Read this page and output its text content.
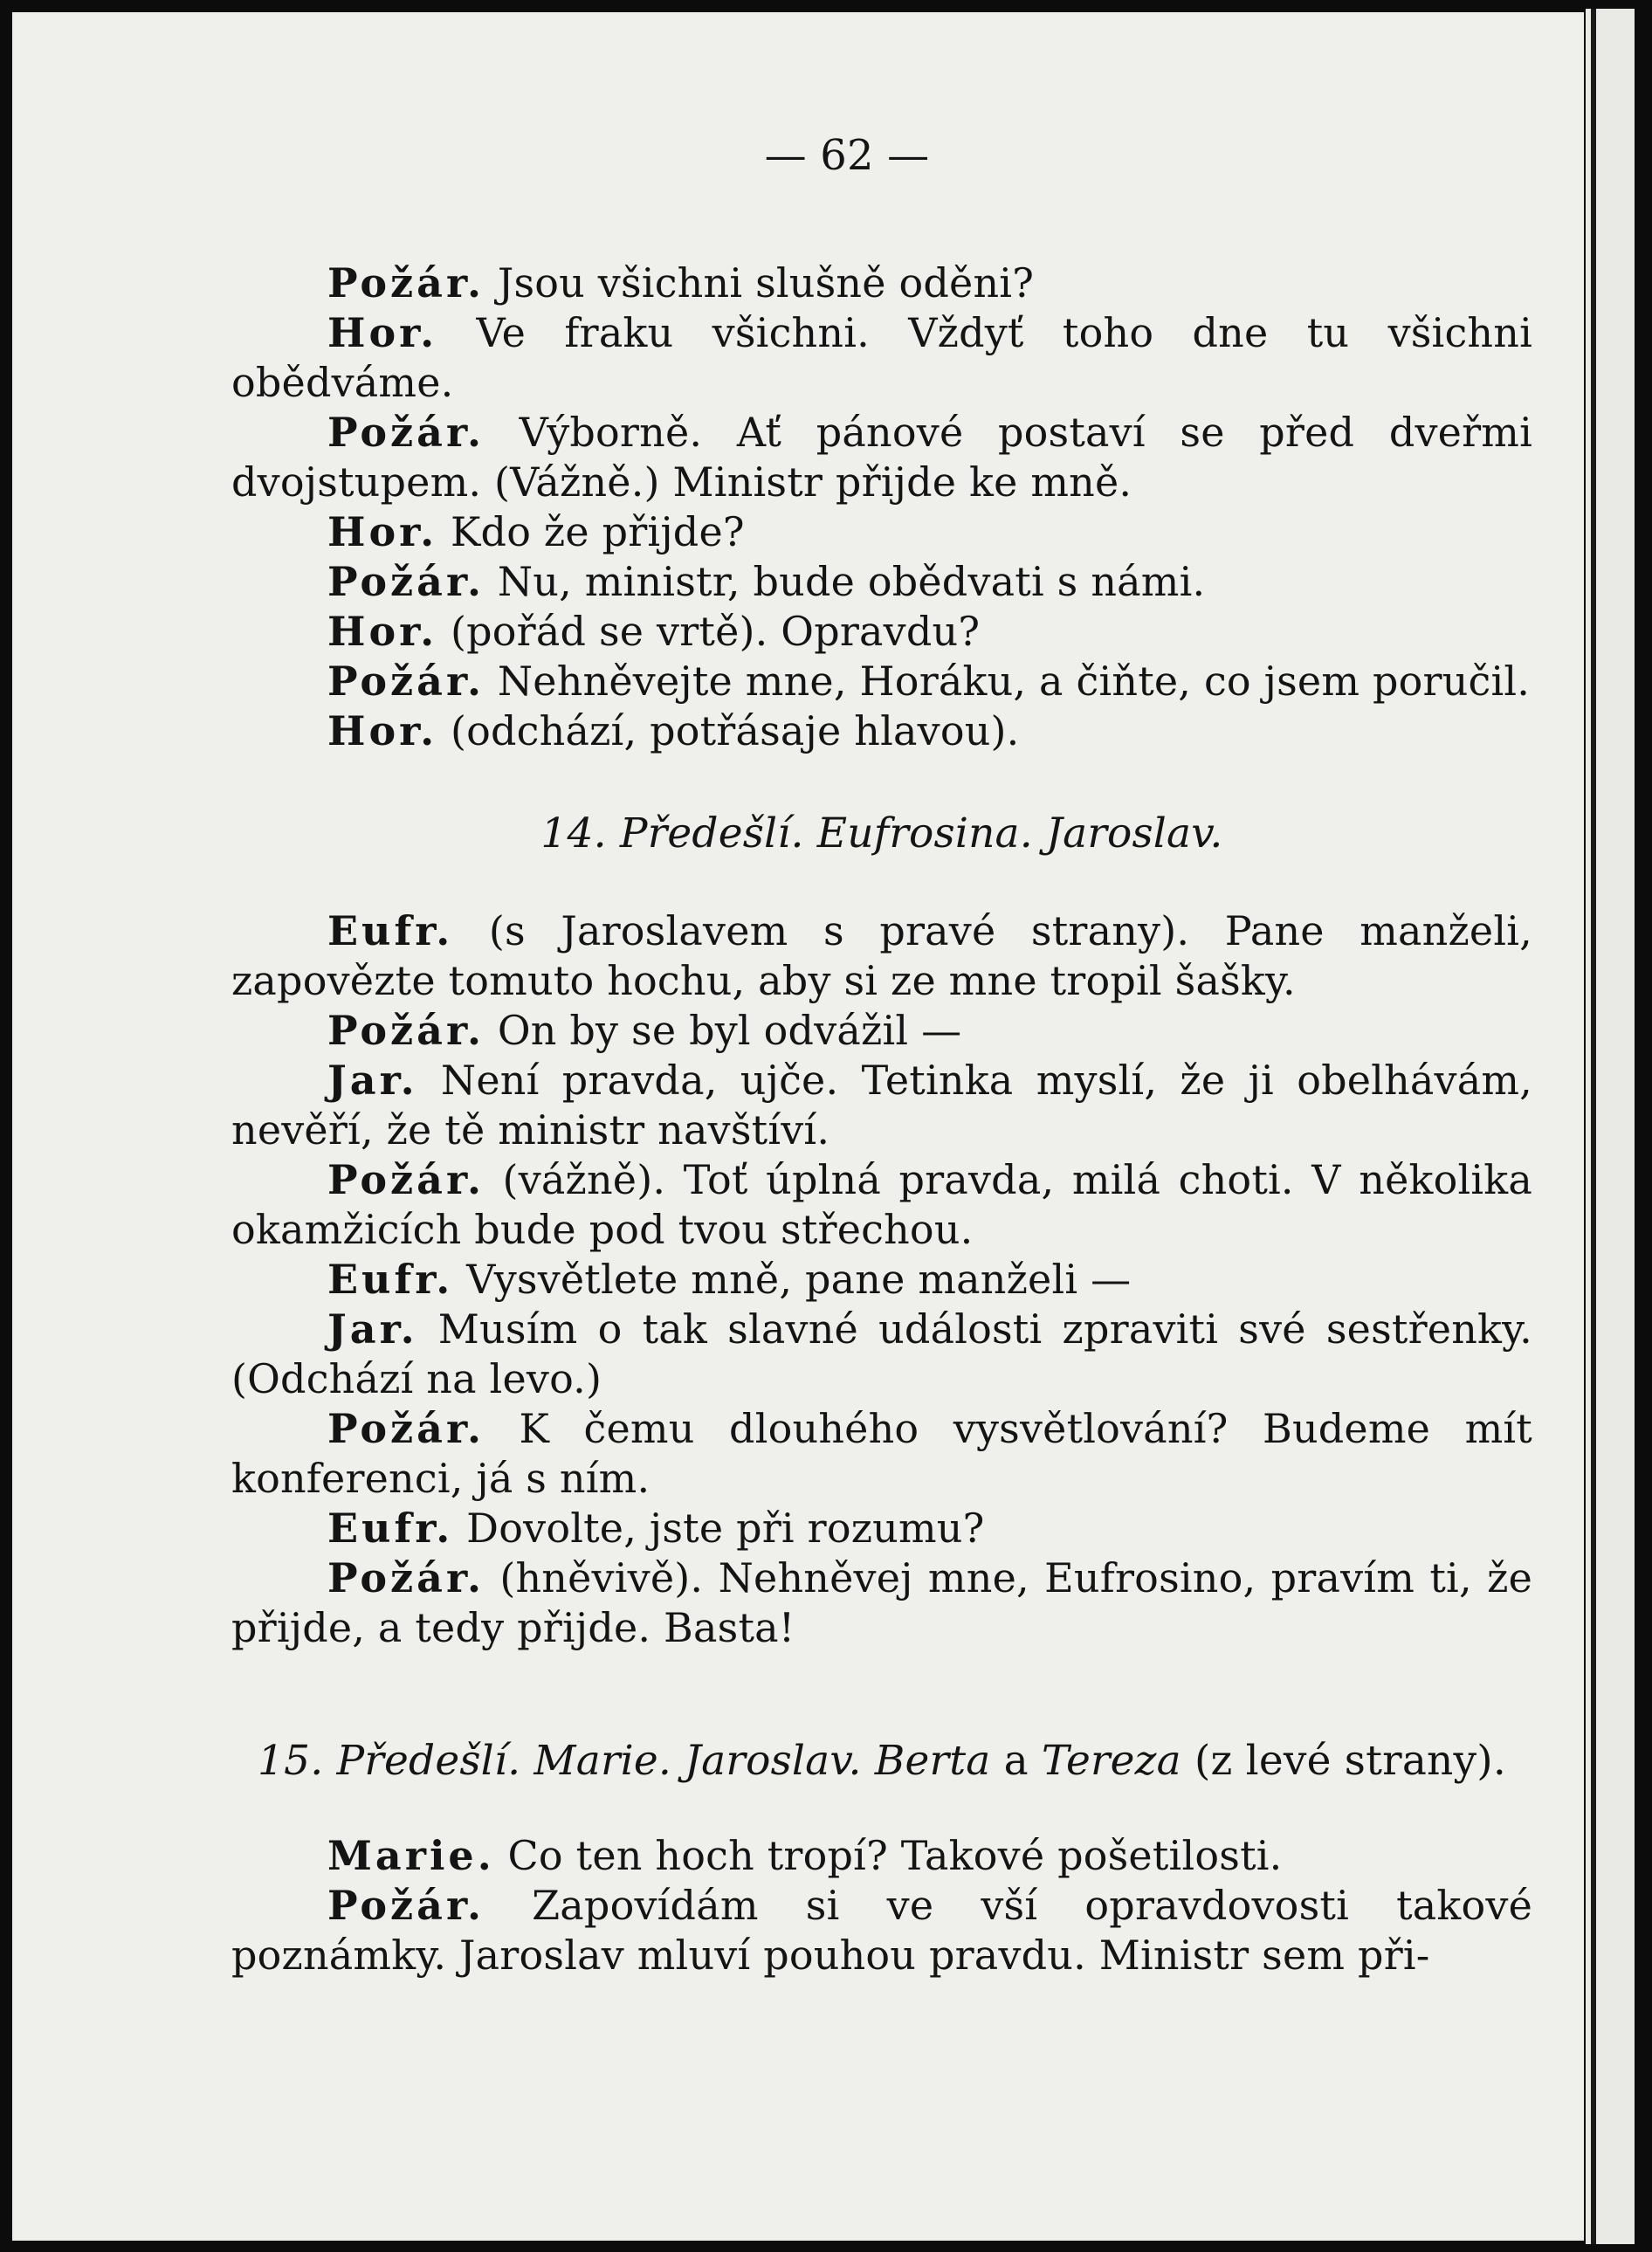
— 62 —

Požár. Jsou všichni slušně oděni?

Hor. Ve fraku všichni. Vždyť toho dne tu všichni obědváme.

Požár. Výborně. Ať pánové postaví se před dveřmi dvojstupem. (Vážně.) Ministr přijde ke mně.

Hor. Kdo že přijde?

Požár. Nu, ministr, bude obědvati s námi.

Hor. (pořád se vrtě). Opravdu?

Požár. Nehněvejte mne, Horáku, a čiňte, co jsem poručil.

Hor. (odchází, potřásaje hlavou).

14. Předešlí. Eufrosina. Jaroslav.

Eufr. (s Jaroslavem s pravé strany). Pane manželi, zapovězte tomuto hochu, aby si ze mne tropil šašky.

Požár. On by se byl odvážil —

Jar. Není pravda, ujče. Tetinka myslí, že ji obelhávám, nevěří, že tě ministr navštíví.

Požár. (vážně). Toť úplná pravda, milá choti. V několika okamžicích bude pod tvou střechou.

Eufr. Vysvětlete mně, pane manželi —

Jar. Musím o tak slavné události zpraviti své sestřenky. (Odchází na levo.)

Požár. K čemu dlouhého vysvětlování? Budeme mít konferenci, já s ním.

Eufr. Dovolte, jste při rozumu?

Požár. (hněvivě). Nehněvej mne, Eufrosino, pravím ti, že přijde, a tedy přijde. Basta!

15. Předešlí. Marie. Jaroslav. Berta a Tereza (z levé strany).

Marie. Co ten hoch tropí? Takové pošetilosti.

Požár. Zapovídám si ve vší opravdovosti takové poznámky. Jaroslav mluví pouhou pravdu. Ministr sem při-
